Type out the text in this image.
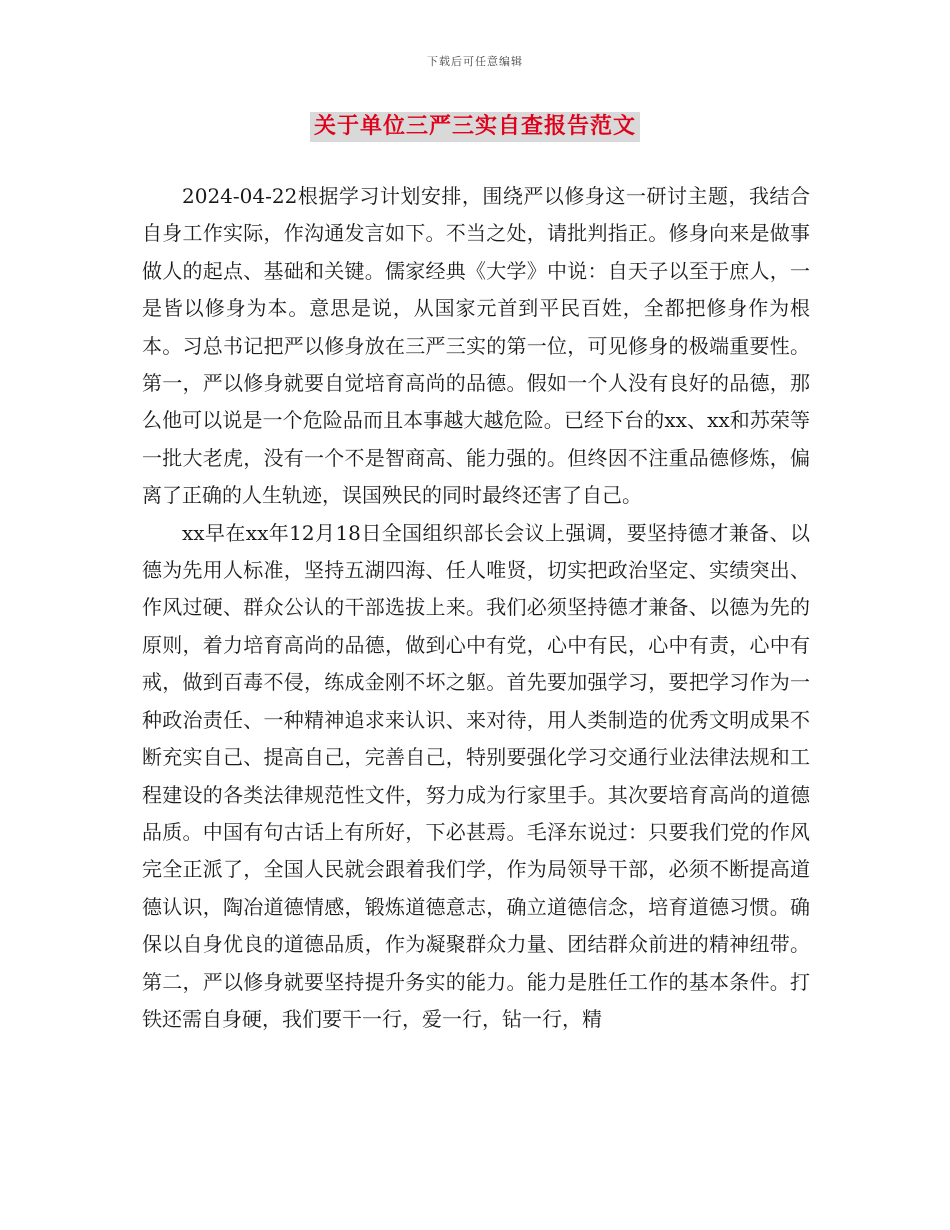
下载后可任意编辑
关于单位三严三实自查报告范文

2024-04-22根据学习计划安排，围绕严以修身这一研讨主题，我结合自身工作实际，作沟通发言如下。不当之处，请批判指正。修身向来是做事做人的起点、基础和关键。儒家经典《大学》中说：自天子以至于庶人，一是皆以修身为本。意思是说，从国家元首到平民百姓，全都把修身作为根本。习总书记把严以修身放在三严三实的第一位，可见修身的极端重要性。第一，严以修身就要自觉培育高尚的品德。假如一个人没有良好的品德，那么他可以说是一个危险品而且本事越大越危险。已经下台的xx、xx和苏荣等一批大老虎，没有一个不是智商高、能力强的。但终因不注重品德修炼，偏离了正确的人生轨迹，误国殃民的同时最终还害了自己。

xx早在xx年12月18日全国组织部长会议上强调，要坚持德才兼备、以德为先用人标准，坚持五湖四海、任人唯贤，切实把政治坚定、实绩突出、作风过硬、群众公认的干部选拔上来。我们必须坚持德才兼备、以德为先的原则，着力培育高尚的品德，做到心中有党，心中有民，心中有责，心中有戒，做到百毒不侵，练成金刚不坏之躯。首先要加强学习，要把学习作为一种政治责任、一种精神追求来认识、来对待，用人类制造的优秀文明成果不断充实自己、提高自己，完善自己，特别要强化学习交通行业法律法规和工程建设的各类法律规范性文件，努力成为行家里手。其次要培育高尚的道德品质。中国有句古话上有所好，下必甚焉。毛泽东说过：只要我们党的作风完全正派了，全国人民就会跟着我们学，作为局领导干部，必须不断提高道德认识，陶冶道德情感，锻炼道德意志，确立道德信念，培育道德习惯。确保以自身优良的道德品质，作为凝聚群众力量、团结群众前进的精神纽带。第二，严以修身就要坚持提升务实的能力。能力是胜任工作的基本条件。打铁还需自身硬，我们要干一行，爱一行，钻一行，精
